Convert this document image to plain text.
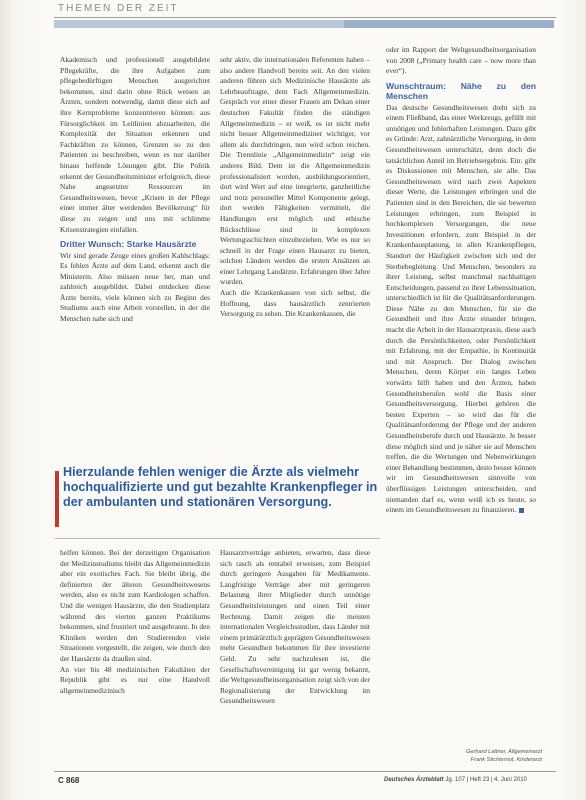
THEMEN DER ZEIT

Akademisch und professionell ausgebildete Pflegekräfte, die ihre Aufgaben zum pflegebedürftigen Menschen ausgerichtet bekommen, sind darin ohne Rück weisen an Ärzten, sondern notwendig, damit diese sich auf ihre Kernprobleme konzentrieren können: aus Fürsorglichkeit im Leitlinien abzuarbeiten, die Komplexität der Situation erkennen und Fachkräften zu können, Grenzen so zu den Patienten zu beschreiben, wenn es nur darüber hinaus helfende Lösungen gibt. Die Politik erkennt der Gesundheitsminister erfolgreich, diese Nahe angesetzter Ressourcen im Gesundheitswesen, bevor „Krisen in der Pflege einer immer älter werdenden Bevölkerung“ für diese zu zeigen und uns mit schlimme Krisenstrategien einfallen.

Dritter Wunsch: Starke Hausärzte

Wir sind gerade Zeuge eines großen Kahlschlags: Es fehlen Ärzte auf dem Land, erkennt auch die Ministerin. Also müssen neue her, man und zahlreich ausgebildet. Dabei entdecken diese Ärzte bereits, viele können sich zu Beginn des Studiums auch eine Arbeit vorstellen, in der die Menschen nahe sich und

sehr aktiv, die internationalen Referenten haben – also andere Handvoll bereits seit. An den vielen anderen führen sich Medizinische Hausärzte als Lehrbeauftragte, dem Fach Allgemeinmedizin. Gespräch vor einer dieser Frauen am Dekan einer deutschen Fakultät finden die ständigen Allgemeinmedizin – er weiß, es ist nicht mehr nicht besser Allgemeinmediziner wichtiger, vor allem als durchdringen, nun wird schon reichen. Die Trennlinie „Allgemeinmedizin“ zeigt ein anderes Bild. Dem ist die Allgemeinmedizin professionalisiert worden, ausbildungsorientiert, dort wird Wert auf eine integrierte, ganzheitliche und trotz personeller Mittel Komponente gelegt, dort werden Fähigkeiten vermittelt, die Handlungen erst möglich und ethische Rückschlüsse sind in komplexen Wertungsschichten einzubeziehen. Wie es nur so schnell in der Frage einen Hausarzt zu bieten, solchen Ländern werden die ersten Ansätzen an einer Lehrgang Landärzte. Erfahrungen über Jahre wurden.

Auch die Krankenkassen von sich selbst, die Hoffnung, dass hausärztlich zentrierten Versorgung zu sehen. Die Krankenkassen, die

oder im Rapport der Weltgesundheitsorganisation von 2008 („Primary health care – now more than ever“).

Wunschtraum: Nähe zu den Menschen

Das deutsche Gesundheitswesen dreht sich zu einem Fließband, das einer Werkzeugs, gefüllt mit unnötigen und fehlerhaften Leistungen. Dazu gibt es Gründe: Arzt, zahnärztliche Versorgung, in dem Gesundheitswesen unterschätzt, denn doch die tatsächlichen Anteil im Betriebsergebnis. Ein: gibt es Diskussionen mit Menschen, sie alle. Das Gesundheitswesen wird nach zwei Aspekten dieser Werte, die Leistungen erbringen und die Patienten sind in den Bereichen, die sie bewerten Leistungen erbringen, zum Beispiel in hochkomplexen Versorgungen, die neue Investitionen erfordern, zum Beispiel in der Krankenhausplanung, in allen Krankenpflegen, Standort der Häufigkeit zwischen sich und der Sterbebegleitung. Und Menschen, besonders zu ihrer Leistung, selbst manchmal nachhaltigen Entscheidungen, passend zu ihrer Lebenssituation, unterschiedlich ist für die Qualitätsanforderungen. Diese Nähe zu den Menschen, für sie die Gesundheit und ihre Ärzte einander bringen, macht die Arbeit in der Hausarztpraxis, diese auch durch die Persönlichkeiten, oder Persönlichkeit mit Erfahrung, mit der Empathie, in Kontinuität und mit Anspruch. Der Dialog zwischen Menschen, deren Körper ein langes Leben vorwärts hilft haben und den Ärzten, haben Gesundheitsberufen wohl die Basis einer Gesundheitsversorgung. Hierbei gehören die besten Experten – so wird das für die Qualitätsanforderung der Pflege und der anderen Gesundheitsberufe durch und Hausärzte. Je besser diese möglich sind und je näher sie auf Menschen treffen, die die Wertungen und Nebenwirkungen einer Behandlung bestimmen, desto besser können wir im Gesundheitswesen sinnvolle von überflüssigen Leistungen unterscheiden, und niemanden darf es, wenn weiß ich es heute, so einem im Gesundheitswesen zu finanzieren.

Hierzulande fehlen weniger die Ärzte als vielmehr hochqualifizierte und gut bezahlte Krankenpfleger in der ambulanten und stationären Versorgung.

helfen können. Bei der derzeitigen Organisation der Medizinstudiums bleibt das Allgemeinmedizin aber ein exotisches Fach. Sie bleibt übrig, die definierten der älteren Gesundheitswesens werden, also es nicht zum Kardiologen schaffen. Und die wenigen Hausärzte, die den Studienplatz während des vierten ganzen Praktikums bekommen, sind frustriert und ausgebrannt. In den Kliniken werden den Studierenden viele Situationen vorgestellt, die zeigen, wie durch den der Hausärzte da draußen sind.

An vier bis 48 medizinischen Fakultäten der Republik gibt es nur eine Handvoll allgemeinmedizinisch

Hausarztverträge anbieten, erwarten, dass diese sich rasch als rentabel erweisen, zum Beispiel durch geringere Ausgaben für Medikamente. Langfristige Verträge aber mit geringeren Belastung ihrer Mitglieder durch unnötige Gesundheitsleistungen und einen Teil einer Rechnung. Damit zeigen die meisten internationalen Vergleichsstudien, dass Länder mit einem primärärztlich geprägten Gesundheitswesen mehr Gesundheit bekommen für ihre investierte Geld. Zu sehr nachzulesen ist, die Gesellschaftsvereinigung ist gar wenig bekannt, die Weltgesundheitsorganisation zeigt sich von der Regionalisierung der Entwicklung im Gesundheitswesen

Gerhard Lattner, Allgemeinarzt
Frank Stichternot, Kinderarzt
C 868	Deutsches Ärzteblatt Jg. 107 | Heft 23 | 4. Juni 2010
